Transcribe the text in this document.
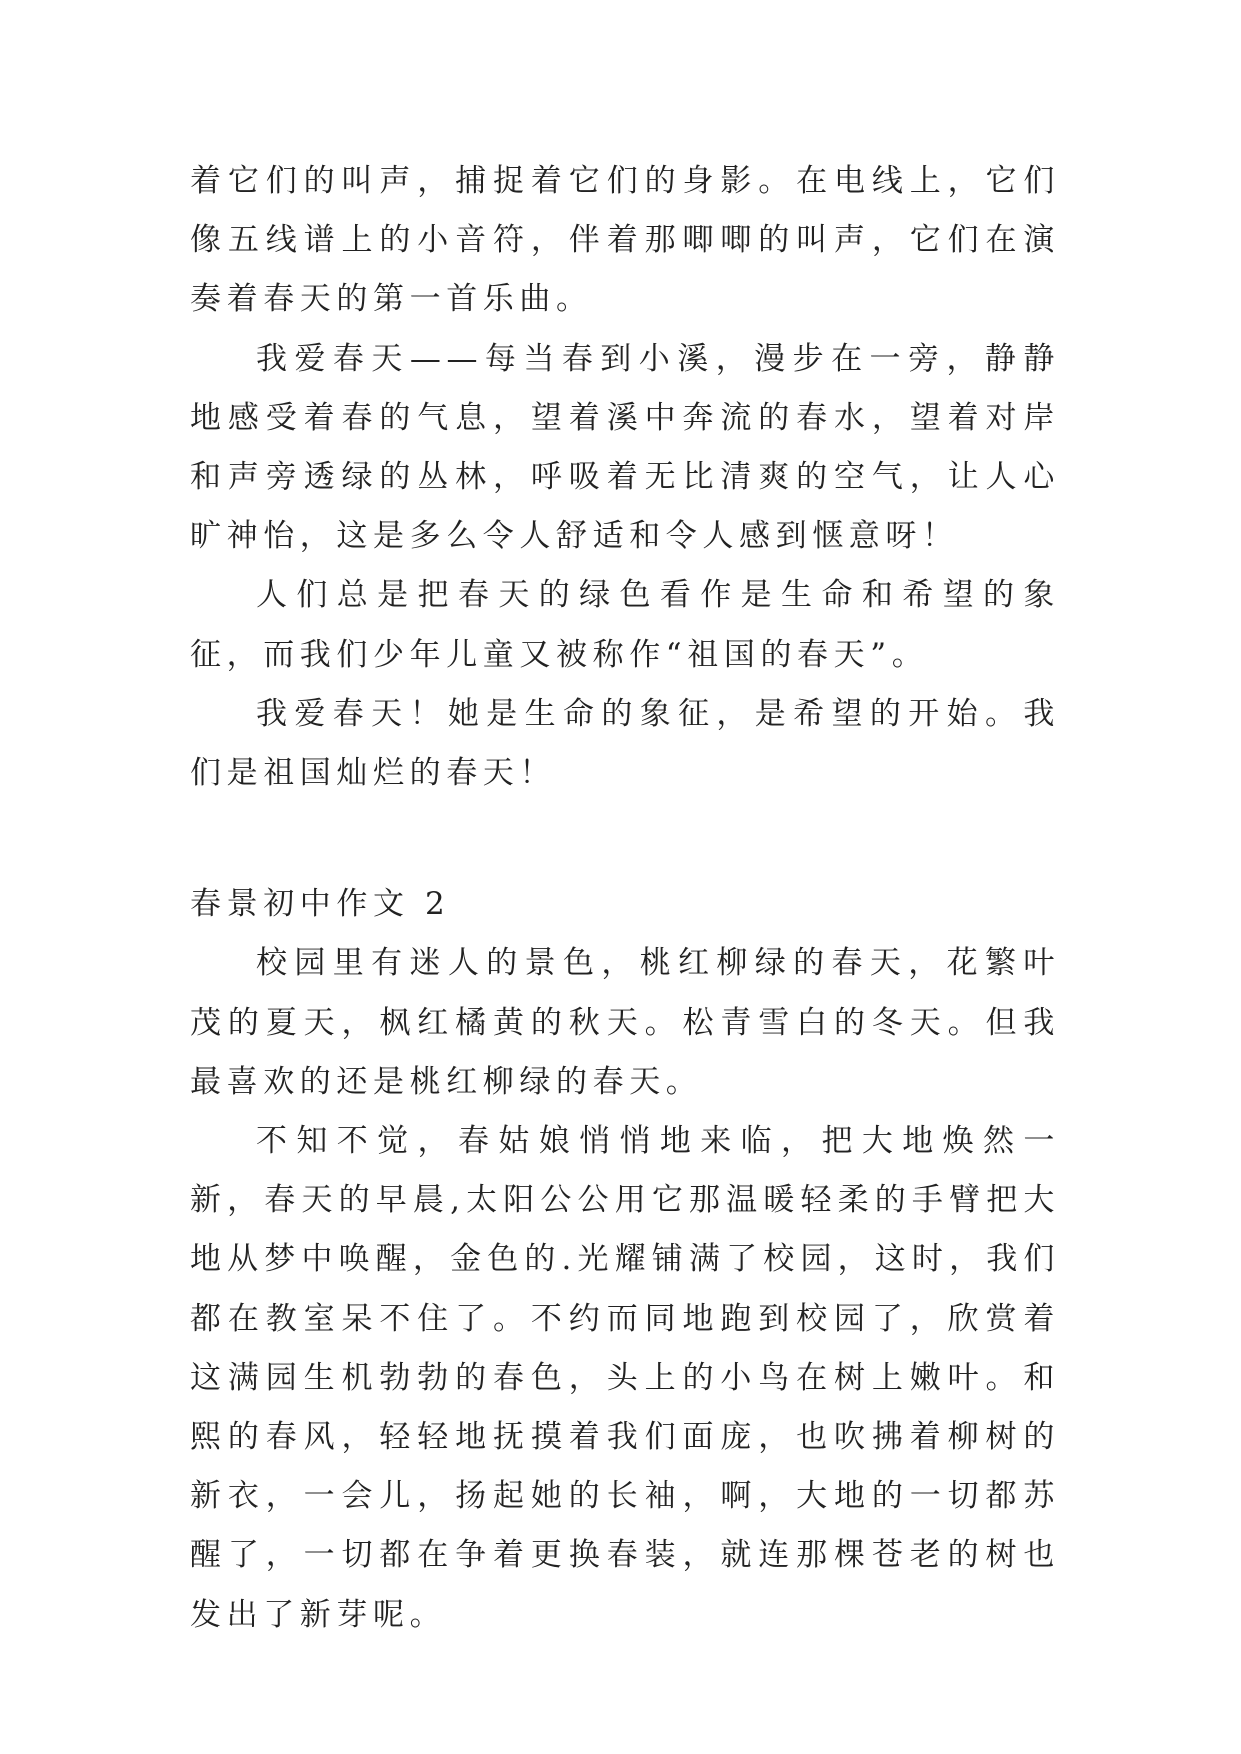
着它们的叫声，捕捉着它们的身影。在电线上，它们像五线谱上的小音符，伴着那唧唧的叫声，它们在演奏着春天的第一首乐曲。

我爱春天——每当春到小溪，漫步在一旁，静静地感受着春的气息，望着溪中奔流的春水，望着对岸和声旁透绿的丛林，呼吸着无比清爽的空气，让人心旷神怡，这是多么令人舒适和令人感到惬意呀！

人们总是把春天的绿色看作是生命和希望的象征，而我们少年儿童又被称作“祖国的春天”。

我爱春天！她是生命的象征，是希望的开始。我们是祖国灿烂的春天！

春景初中作文 2

校园里有迷人的景色，桃红柳绿的春天，花繁叶茂的夏天，枫红橘黄的秋天。松青雪白的冬天。但我最喜欢的还是桃红柳绿的春天。

不知不觉，春姑娘悄悄地来临，把大地焕然一新，春天的早晨,太阳公公用它那温暖轻柔的手臂把大地从梦中唤醒，金色的.光耀铺满了校园，这时，我们都在教室呆不住了。不约而同地跑到校园了，欣赏着这满园生机勃勃的春色，头上的小鸟在树上嫩叶。和熙的春风，轻轻地抚摸着我们面庞，也吹拂着柳树的新衣，一会儿，扬起她的长袖，啊，大地的一切都苏醒了，一切都在争着更换春装，就连那棵苍老的树也发出了新芽呢。
